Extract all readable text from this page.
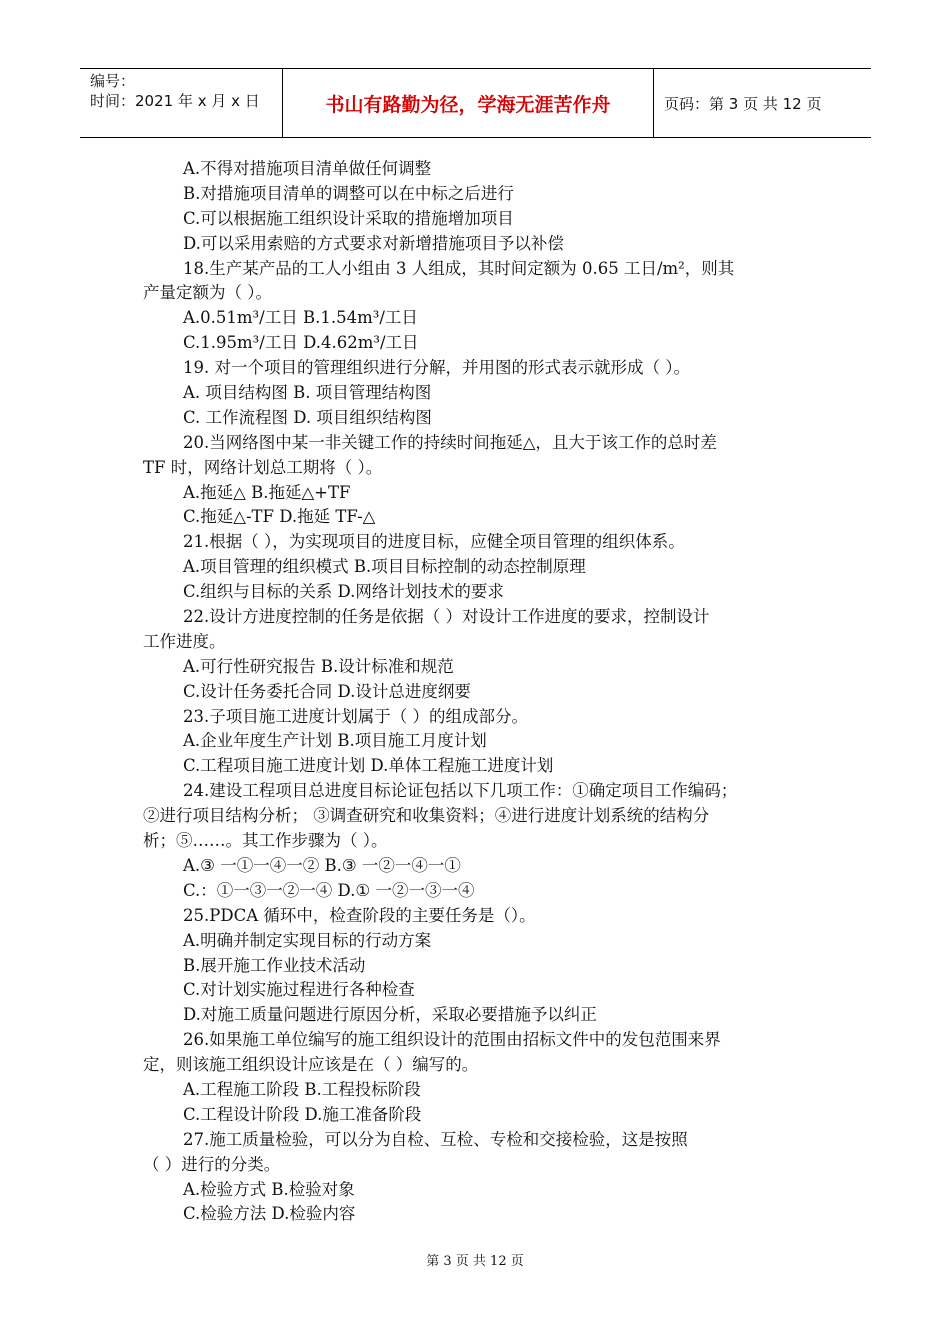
编号：
时间：2021 年 x 月 x 日	书山有路勤为径，学海无涯苦作舟	页码：第 3 页 共 12 页
A.不得对措施项目清单做任何调整
B.对措施项目清单的调整可以在中标之后进行
C.可以根据施工组织设计采取的措施增加项目
D.可以采用索赔的方式要求对新增措施项目予以补偿
18.生产某产品的工人小组由 3 人组成，其时间定额为 0.65 工日/m²，则其
产量定额为（ ）。
A.0.51m³/工日 B.1.54m³/工日
C.1.95m³/工日 D.4.62m³/工日
19. 对一个项目的管理组织进行分解，并用图的形式表示就形成（ ）。
A. 项目结构图 B. 项目管理结构图
C. 工作流程图 D. 项目组织结构图
20.当网络图中某一非关键工作的持续时间拖延△，且大于该工作的总时差
TF 时，网络计划总工期将（ ）。
A.拖延△ B.拖延△+TF
C.拖延△-TF D.拖延 TF-△
21.根据（ ），为实现项目的进度目标，应健全项目管理的组织体系。
A.项目管理的组织模式 B.项目目标控制的动态控制原理
C.组织与目标的关系 D.网络计划技术的要求
22.设计方进度控制的任务是依据（ ）对设计工作进度的要求，控制设计
工作进度。
A.可行性研究报告 B.设计标准和规范
C.设计任务委托合同 D.设计总进度纲要
23.子项目施工进度计划属于（ ）的组成部分。
A.企业年度生产计划 B.项目施工月度计划
C.工程项目施工进度计划 D.单体工程施工进度计划
24.建设工程项目总进度目标论证包括以下几项工作：①确定项目工作编码；
②进行项目结构分析； ③调查研究和收集资料；④进行进度计划系统的结构分
析；⑤……。其工作步骤为（ ）。
A.③ 一①一④一② B.③ 一②一④一①
C.：①一③一②一④ D.① 一②一③一④
25.PDCA 循环中，检查阶段的主要任务是（）。
A.明确并制定实现目标的行动方案
B.展开施工作业技术活动
C.对计划实施过程进行各种检查
D.对施工质量问题进行原因分析，采取必要措施予以纠正
26.如果施工单位编写的施工组织设计的范围由招标文件中的发包范围来界
定，则该施工组织设计应该是在（ ）编写的。
A.工程施工阶段 B.工程投标阶段
C.工程设计阶段 D.施工准备阶段
27.施工质量检验，可以分为自检、互检、专检和交接检验，这是按照
（ ）进行的分类。
A.检验方式 B.检验对象
C.检验方法 D.检验内容
第 3 页 共 12 页
